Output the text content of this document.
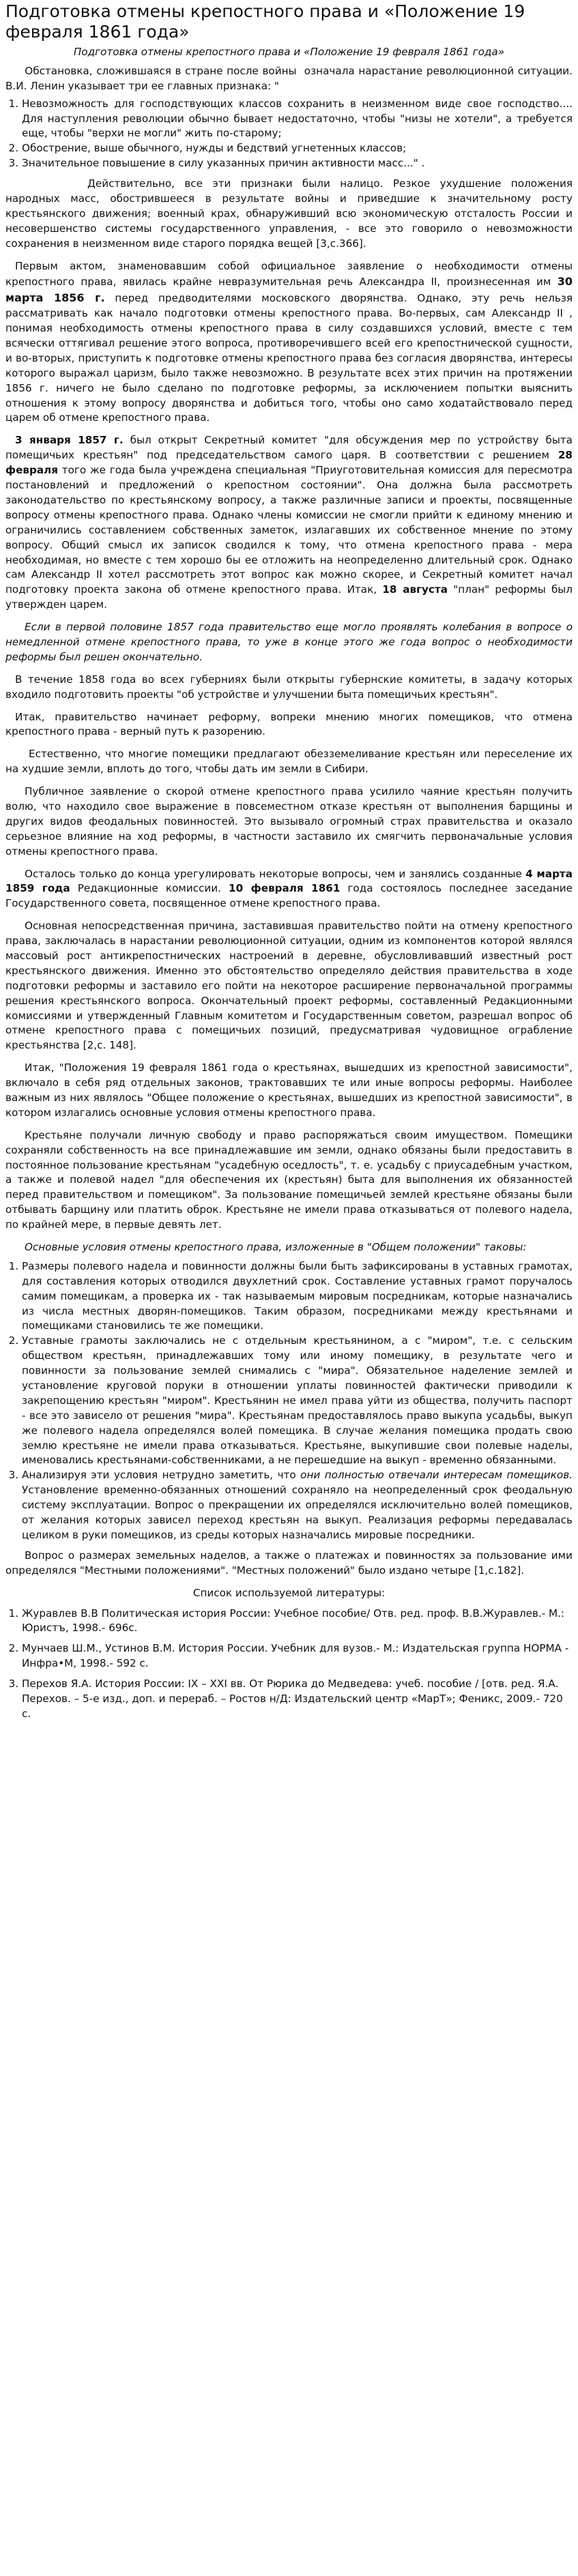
Подготовка отмены крепостного права и «Положение 19 февраля 1861 года»
Подготовка отмены крепостного права и «Положение 19 февраля 1861 года»

Обстановка, сложившаяся в стране после войны  означала нарастание революционной ситуации. В.И. Ленин указывает три ее главных признака: "

1. Невозможность для господствующих классов сохранить в неизменном виде свое господство.... Для наступления революции обычно бывает недостаточно, чтобы "низы не хотели", а требуется еще, чтобы "верхи не могли" жить по-старому;
2. Обострение, выше обычного, нужды и бедствий угнетенных классов;
3. Значительное повышение в силу указанных причин активности масс..." .

Действительно, все эти признаки были налицо. Резкое ухудшение положения народных масс, обострившееся в результате войны и приведшие к значительному росту крестьянского движения; военный крах, обнаруживший всю экономическую отсталость России и несовершенство системы государственного управления, - все это говорило о невозможности сохранения в неизменном виде старого порядка вещей [3,с.366].

Первым актом, знаменовавшим собой официальное заявление о необходимости отмены крепостного права, явилась крайне невразумительная речь Александра II, произнесенная им 30 марта 1856 г. перед предводителями московского дворянства. Однако, эту речь нельзя рассматривать как начало подготовки отмены крепостного права. Во-первых, сам Александр II , понимая необходимость отмены крепостного права в силу создавшихся условий, вместе с тем всячески оттягивал решение этого вопроса, противоречившего всей его крепостнической сущности, и во-вторых, приступить к подготовке отмены крепостного права без согласия дворянства, интересы которого выражал царизм, было также невозможно. В результате всех этих причин на протяжении 1856 г. ничего не было сделано по подготовке реформы, за исключением попытки выяснить отношения к этому вопросу дворянства и добиться того, чтобы оно само ходатайствовало перед царем об отмене крепостного права.

3 января 1857 г. был открыт Секретный комитет "для обсуждения мер по устройству быта помещичьих крестьян" под председательством самого царя. В соответствии с решением 28 февраля того же года была учреждена специальная "Приуготовительная комиссия для пересмотра постановлений и предложений о крепостном состоянии". Она должна была рассмотреть законодательство по крестьянскому вопросу, а также различные записи и проекты, посвященные вопросу отмены крепостного права. Однако члены комиссии не смогли прийти к единому мнению и ограничились составлением собственных заметок, излагавших их собственное мнение по этому вопросу. Общий смысл их записок сводился к тому, что отмена крепостного права - мера необходимая, но вместе с тем хорошо бы ее отложить на неопределенно длительный срок. Однако сам Александр II хотел рассмотреть этот вопрос как можно скорее, и Секретный комитет начал подготовку проекта закона об отмене крепостного права. Итак, 18 августа "план" реформы был утвержден царем.

Если в первой половине 1857 года правительство еще могло проявлять колебания в вопросе о немедленной отмене крепостного права, то уже в конце этого же года вопрос о необходимости реформы был решен окончательно.

В течение 1858 года во всех губерниях были открыты губернские комитеты, в задачу которых входило подготовить проекты "об устройстве и улучшении быта помещичьих крестьян".

Итак, правительство начинает реформу, вопреки мнению многих помещиков, что отмена крепостного права - верный путь к разорению.

Естественно, что многие помещики предлагают обезземеливание крестьян или переселение их на худшие земли, вплоть до того, чтобы дать им земли в Сибири.

Публичное заявление о скорой отмене крепостного права усилило чаяние крестьян получить волю, что находило свое выражение в повсеместном отказе крестьян от выполнения барщины и других видов феодальных повинностей. Это вызывало огромный страх правительства и оказало серьезное влияние на ход реформы, в частности заставило их смягчить первоначальные условия отмены крепостного права.

Осталось только до конца урегулировать некоторые вопросы, чем и занялись созданные 4 марта 1859 года Редакционные комиссии. 10 февраля 1861 года состоялось последнее заседание Государственного совета, посвященное отмене крепостного права.

Основная непосредственная причина, заставившая правительство пойти на отмену крепостного права, заключалась в нарастании революционной ситуации, одним из компонентов которой являлся массовый рост антикрепостнических настроений в деревне, обусловливавший известный рост крестьянского движения. Именно это обстоятельство определяло действия правительства в ходе подготовки реформы и заставило его пойти на некоторое расширение первоначальной программы решения крестьянского вопроса. Окончательный проект реформы, составленный Редакционными комиссиями и утвержденный Главным комитетом и Государственным советом, разрешал вопрос об отмене крепостного права с помещичьих позиций, предусматривая чудовищное ограбление крестьянства [2,с. 148].

Итак, "Положения 19 февраля 1861 года о крестьянах, вышедших из крепостной зависимости", включало в себя ряд отдельных законов, трактовавших те или иные вопросы реформы. Наиболее важным из них являлось "Общее положение о крестьянах, вышедших из крепостной зависимости", в котором излагались основные условия отмены крепостного права.

Крестьяне получали личную свободу и право распоряжаться своим имуществом. Помещики сохраняли собственность на все принадлежавшие им земли, однако обязаны были предоставить в постоянное пользование крестьянам "усадебную оседлость", т. е. усадьбу с приусадебным участком, а также и полевой надел "для обеспечения их (крестьян) быта для выполнения их обязанностей перед правительством и помещиком". За пользование помещичьей землей крестьяне обязаны были отбывать барщину или платить оброк. Крестьяне не имели права отказываться от полевого надела, по крайней мере, в первые девять лет.

Основные условия отмены крепостного права, изложенные в "Общем положении" таковы:

1. Размеры полевого надела и повинности должны были быть зафиксированы в уставных грамотах, для составления которых отводился двухлетний срок. Составление уставных грамот поручалось самим помещикам, а проверка их - так называемым мировым посредникам, которые назначались из числа местных дворян-помещиков. Таким образом, посредниками между крестьянами и помещиками становились те же помещики.
2. Уставные грамоты заключались не с отдельным крестьянином, а с "миром", т.е. с сельским обществом крестьян, принадлежавших тому или иному помещику, в результате чего и повинности за пользование землей снимались с "мира". Обязательное наделение землей и установление круговой поруки в отношении уплаты повинностей фактически приводили к закрепощению крестьян "миром". Крестьянин не имел права уйти из общества, получить паспорт - все это зависело от решения "мира". Крестьянам предоставлялось право выкупа усадьбы, выкуп же полевого надела определялся волей помещика. В случае желания помещика продать свою землю крестьяне не имели права отказываться. Крестьяне, выкупившие свои полевые наделы, именовались крестьянами-собственниками, а не перешедшие на выкуп - временно обязанными.
3. Анализируя эти условия нетрудно заметить, что они полностью отвечали интересам помещиков. Установление временно-обязанных отношений сохраняло на неопределенный срок феодальную систему эксплуатации. Вопрос о прекращении их определялся исключительно волей помещиков, от желания которых зависел переход крестьян на выкуп. Реализация реформы передавалась целиком в руки помещиков, из среды которых назначались мировые посредники.

Вопрос о размерах земельных наделов, а также о платежах и повинностях за пользование ими определялся "Местными положениями". "Местных положений" было издано четыре [1,с.182].

Список используемой литературы:
1. Журавлев В.В Политическая история России: Учебное пособие/ Отв. ред. проф. В.В.Журавлев.- М.: Юристъ, 1998.- 696с.
2. Мунчаев Ш.М., Устинов В.М. История России. Учебник для вузов.- М.: Издательская группа НОРМА - Инфра•М, 1998.- 592 с.
3. Перехов Я.А. История России: IX – XXI вв. От Рюрика до Медведева: учеб. пособие / [отв. ред. Я.А. Перехов. – 5-е изд., доп. и перераб. – Ростов н/Д: Издательский центр «МарТ»; Феникс, 2009.- 720 с.
